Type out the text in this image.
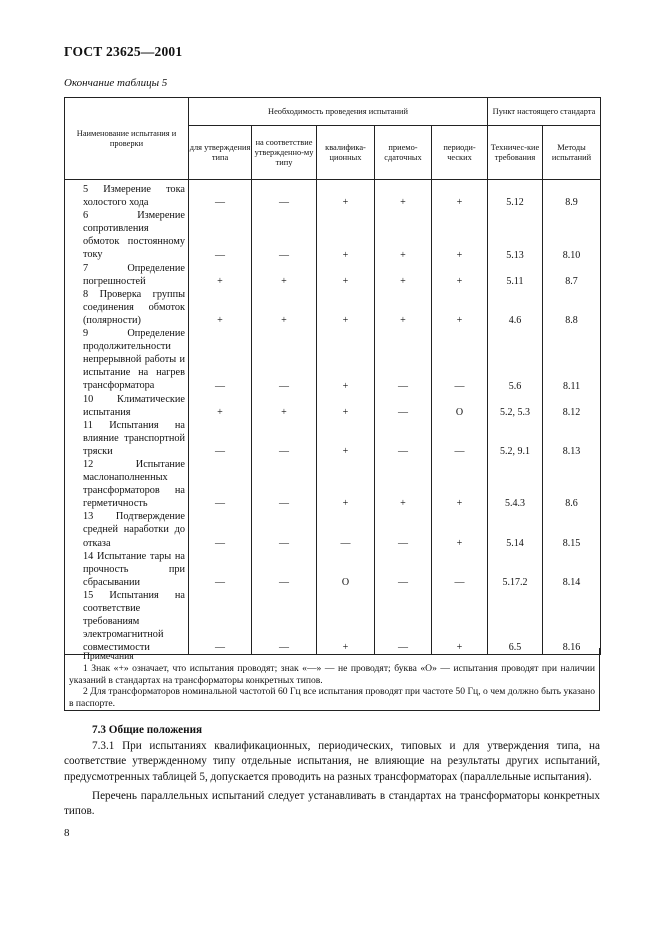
ГОСТ 23625—2001
Окончание таблицы 5
Наименование испытания и проверки	Необходимость проведения испытаний					Пункт настоящего стандарта	
	для утверждения типа	на соответствие утвержденно-му типу	квалифика-ционных	приемо-сдаточных	периоди-ческих	Техничес-кие требования	Методы испытаний
5 Измерение тока холостого хода	—	—	+	+	+	5.12	8.9
6 Измерение сопротивления обмоток постоянному току	—	—	+	+	+	5.13	8.10
7 Определение погрешностей	+	+	+	+	+	5.11	8.7
8 Проверка группы соединения обмоток (полярности)	+	+	+	+	+	4.6	8.8
9 Определение продолжительности непрерывной работы и испытание на нагрев трансформатора	—	—	+	—	—	5.6	8.11
10 Климатические испытания	+	+	+	—	О	5.2, 5.3	8.12
11 Испытания на влияние транспортной тряски	—	—	+	—	—	5.2, 9.1	8.13
12 Испытание маслонаполненных трансформаторов на герметичность	—	—	+	+	+	5.4.3	8.6
13 Подтверждение средней наработки до отказа	—	—	—	—	+	5.14	8.15
14 Испытание тары на прочность при сбрасывании	—	—	О	—	—	5.17.2	8.14
15 Испытания на соответствие требованиям электромагнитной совместимости	—	—	+	—	+	6.5	8.16

Примечания

1 Знак «+» означает, что испытания проводят; знак «—» — не проводят; буква «О» — испытания проводят при наличии указаний в стандартах на трансформаторы конкретных типов.

2 Для трансформаторов номинальной частотой 60 Гц все испытания проводят при частоте 50 Гц, о чем должно быть указано в паспорте.

7.3 Общие положения
7.3.1 При испытаниях квалификационных, периодических, типовых и для утверждения типа, на соответствие утвержденному типу отдельные испытания, не влияющие на результаты других испытаний, предусмотренных таблицей 5, допускается проводить на разных трансформаторах (параллельные испытания).
Перечень параллельных испытаний следует устанавливать в стандартах на трансформаторы конкретных типов.
8
